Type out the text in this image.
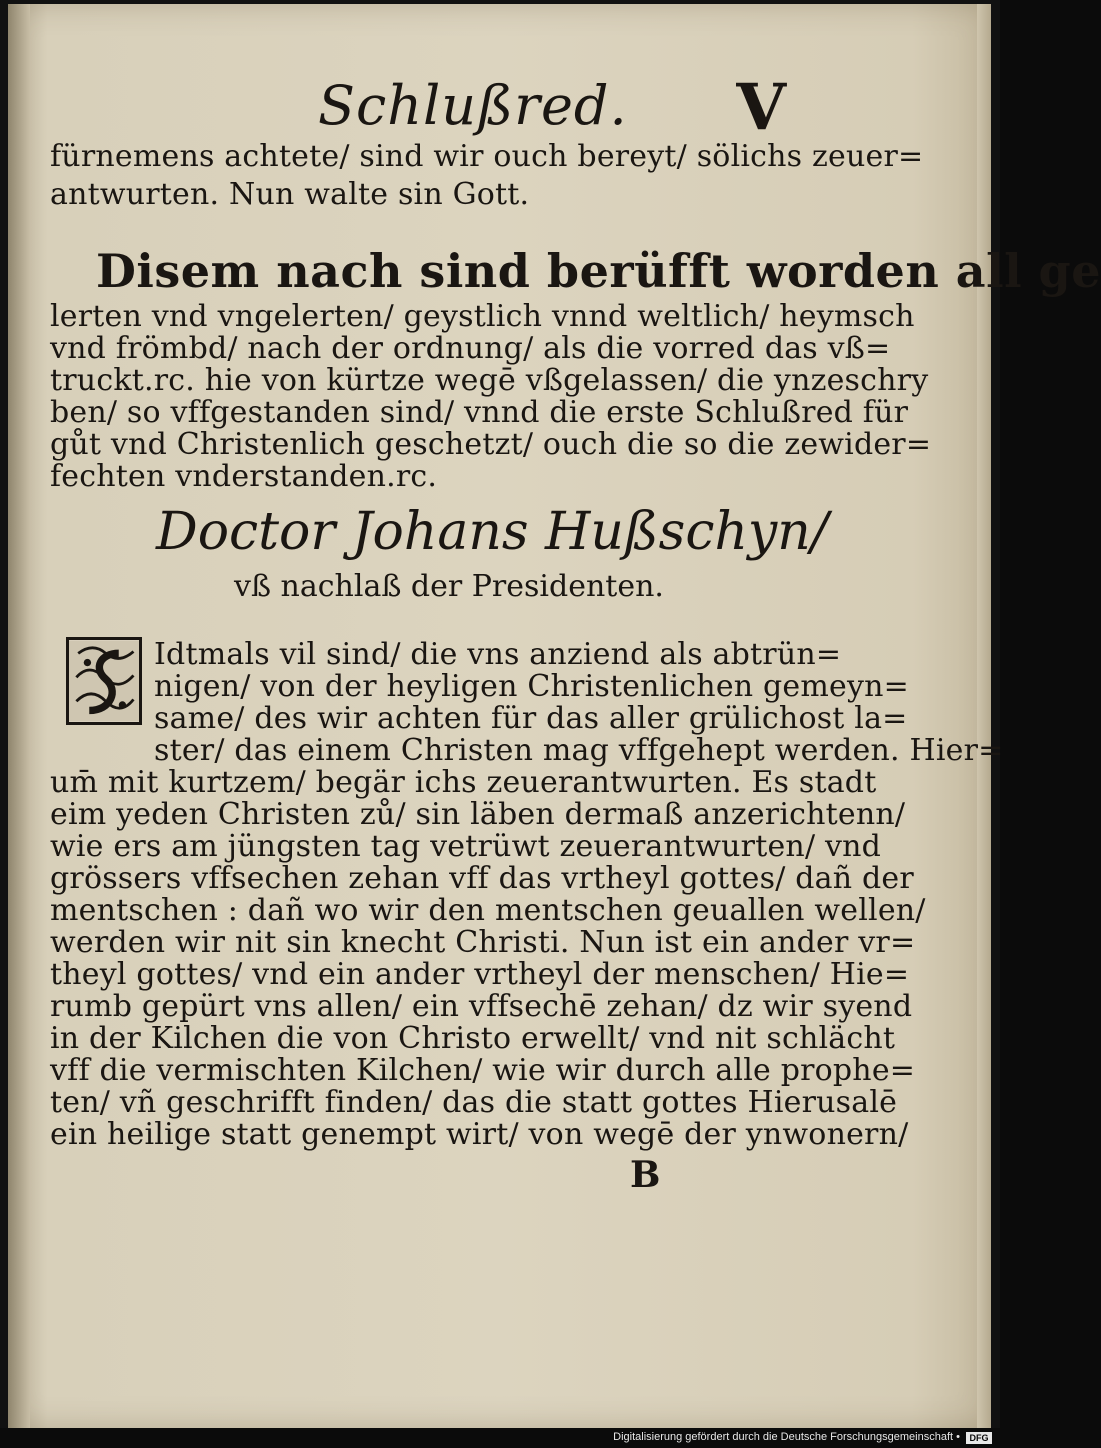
Schlußred. V
fürnemens achtete/ sind wir ouch bereyt/ sölichs zeuer=
antwurten. Nun walte sin Gott.
Disem nach sind berüfft worden all ge
lerten vnd vngelerten/ geystlich vnnd weltlich/ heymsch
vnd frömbd/ nach der ordnung/ als die vorred das vß=
truckt.rc. hie von kürtze wegē vßgelassen/ die ynzeschry
ben/ so vffgestanden sind/ vnnd die erste Schlußred für
gůt vnd Christenlich geschetzt/ ouch die so die zewider=
fechten vnderstanden.rc.
Doctor Johans Hußschyn/
vß nachlaß der Presidenten.
Idtmals vil sind/ die vns anziend als abtrün=
nigen/ von der heyligen Christenlichen gemeyn=
same/ des wir achten für das aller grülichost la=
ster/ das einem Christen mag vffgehept werden. Hier=
um̄ mit kurtzem/ begär ichs zeuerantwurten. Es stadt
eim yeden Christen zů/ sin läben dermaß anzerichtenn/
wie ers am jüngsten tag vetrüwt zeuerantwurten/ vnd
grössers vffsechen zehan vff das vrtheyl gottes/ dañ der
mentschen : dañ wo wir den mentschen geuallen wellen/
werden wir nit sin knecht Christi. Nun ist ein ander vr=
theyl gottes/ vnd ein ander vrtheyl der menschen/ Hie=
rumb gepürt vns allen/ ein vffsechē zehan/ dz wir syend
in der Kilchen die von Christo erwellt/ vnd nit schlächt
vff die vermischten Kilchen/ wie wir durch alle prophe=
ten/ vñ geschrifft finden/ das die statt gottes Hierusalē
ein heilige statt genempt wirt/ von wegē der ynwonern/
B
Digitalisierung gefördert durch die Deutsche Forschungsgemeinschaft •	DFG
